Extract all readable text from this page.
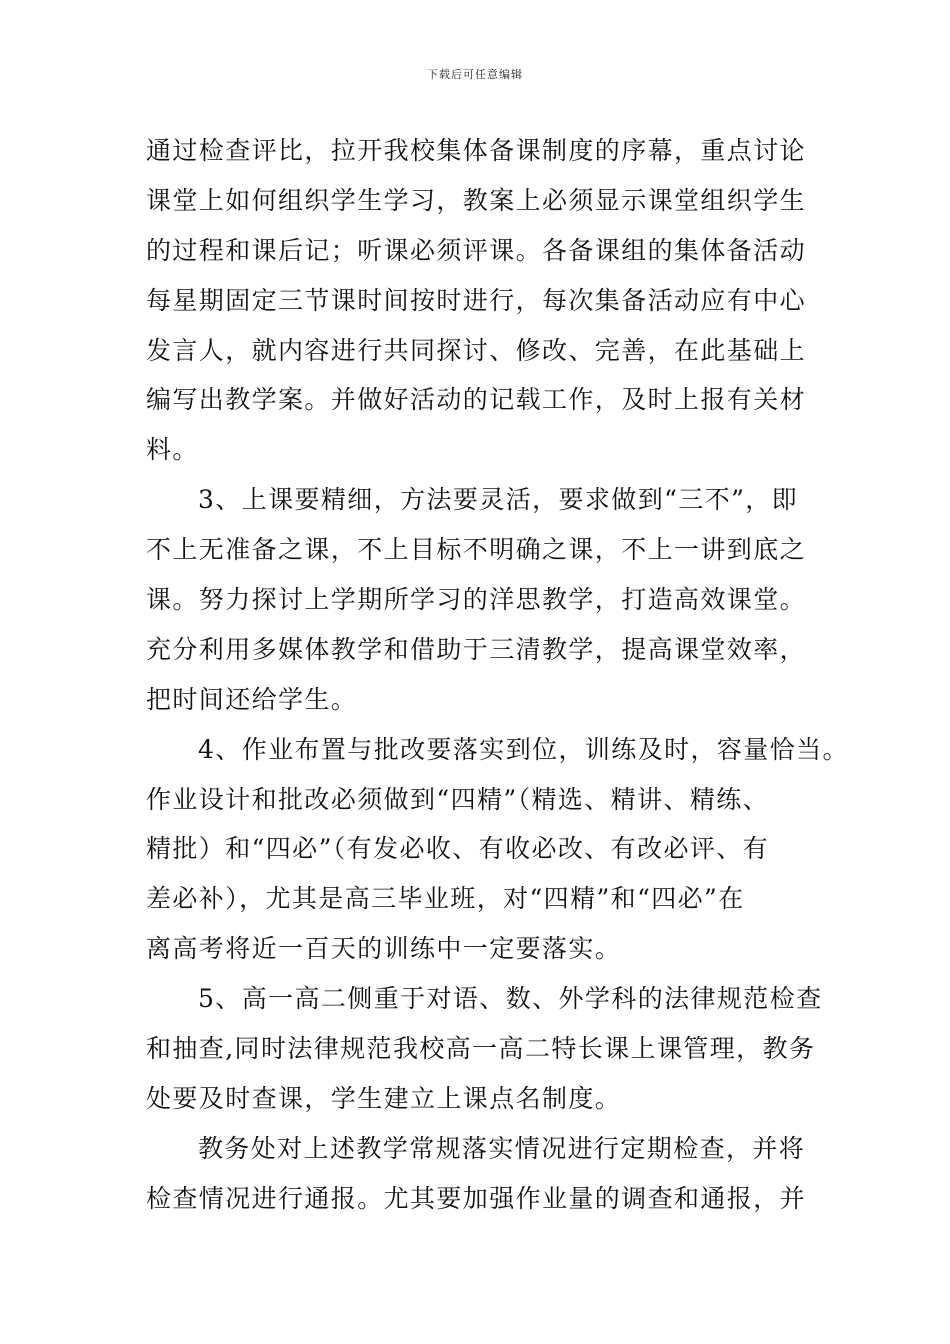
下载后可任意编辑
通过检查评比，拉开我校集体备课制度的序幕，重点讨论
课堂上如何组织学生学习，教案上必须显示课堂组织学生
的过程和课后记；听课必须评课。各备课组的集体备活动
每星期固定三节课时间按时进行，每次集备活动应有中心
发言人，就内容进行共同探讨、修改、完善，在此基础上
编写出教学案。并做好活动的记载工作，及时上报有关材
料。
3、上课要精细，方法要灵活，要求做到“三不”，即
不上无准备之课，不上目标不明确之课，不上一讲到底之
课。努力探讨上学期所学习的洋思教学，打造高效课堂。
充分利用多媒体教学和借助于三清教学，提高课堂效率，
把时间还给学生。
4、作业布置与批改要落实到位，训练及时，容量恰当。
作业设计和批改必须做到“四精”（精选、精讲、精练、
精批）和“四必”（有发必收、有收必改、有改必评、有
差必补），尤其是高三毕业班，对“四精”和“四必”在
离高考将近一百天的训练中一定要落实。
5、高一高二侧重于对语、数、外学科的法律规范检查
和抽查,同时法律规范我校高一高二特长课上课管理，教务
处要及时查课，学生建立上课点名制度。
教务处对上述教学常规落实情况进行定期检查，并将
检查情况进行通报。尤其要加强作业量的调查和通报，并
